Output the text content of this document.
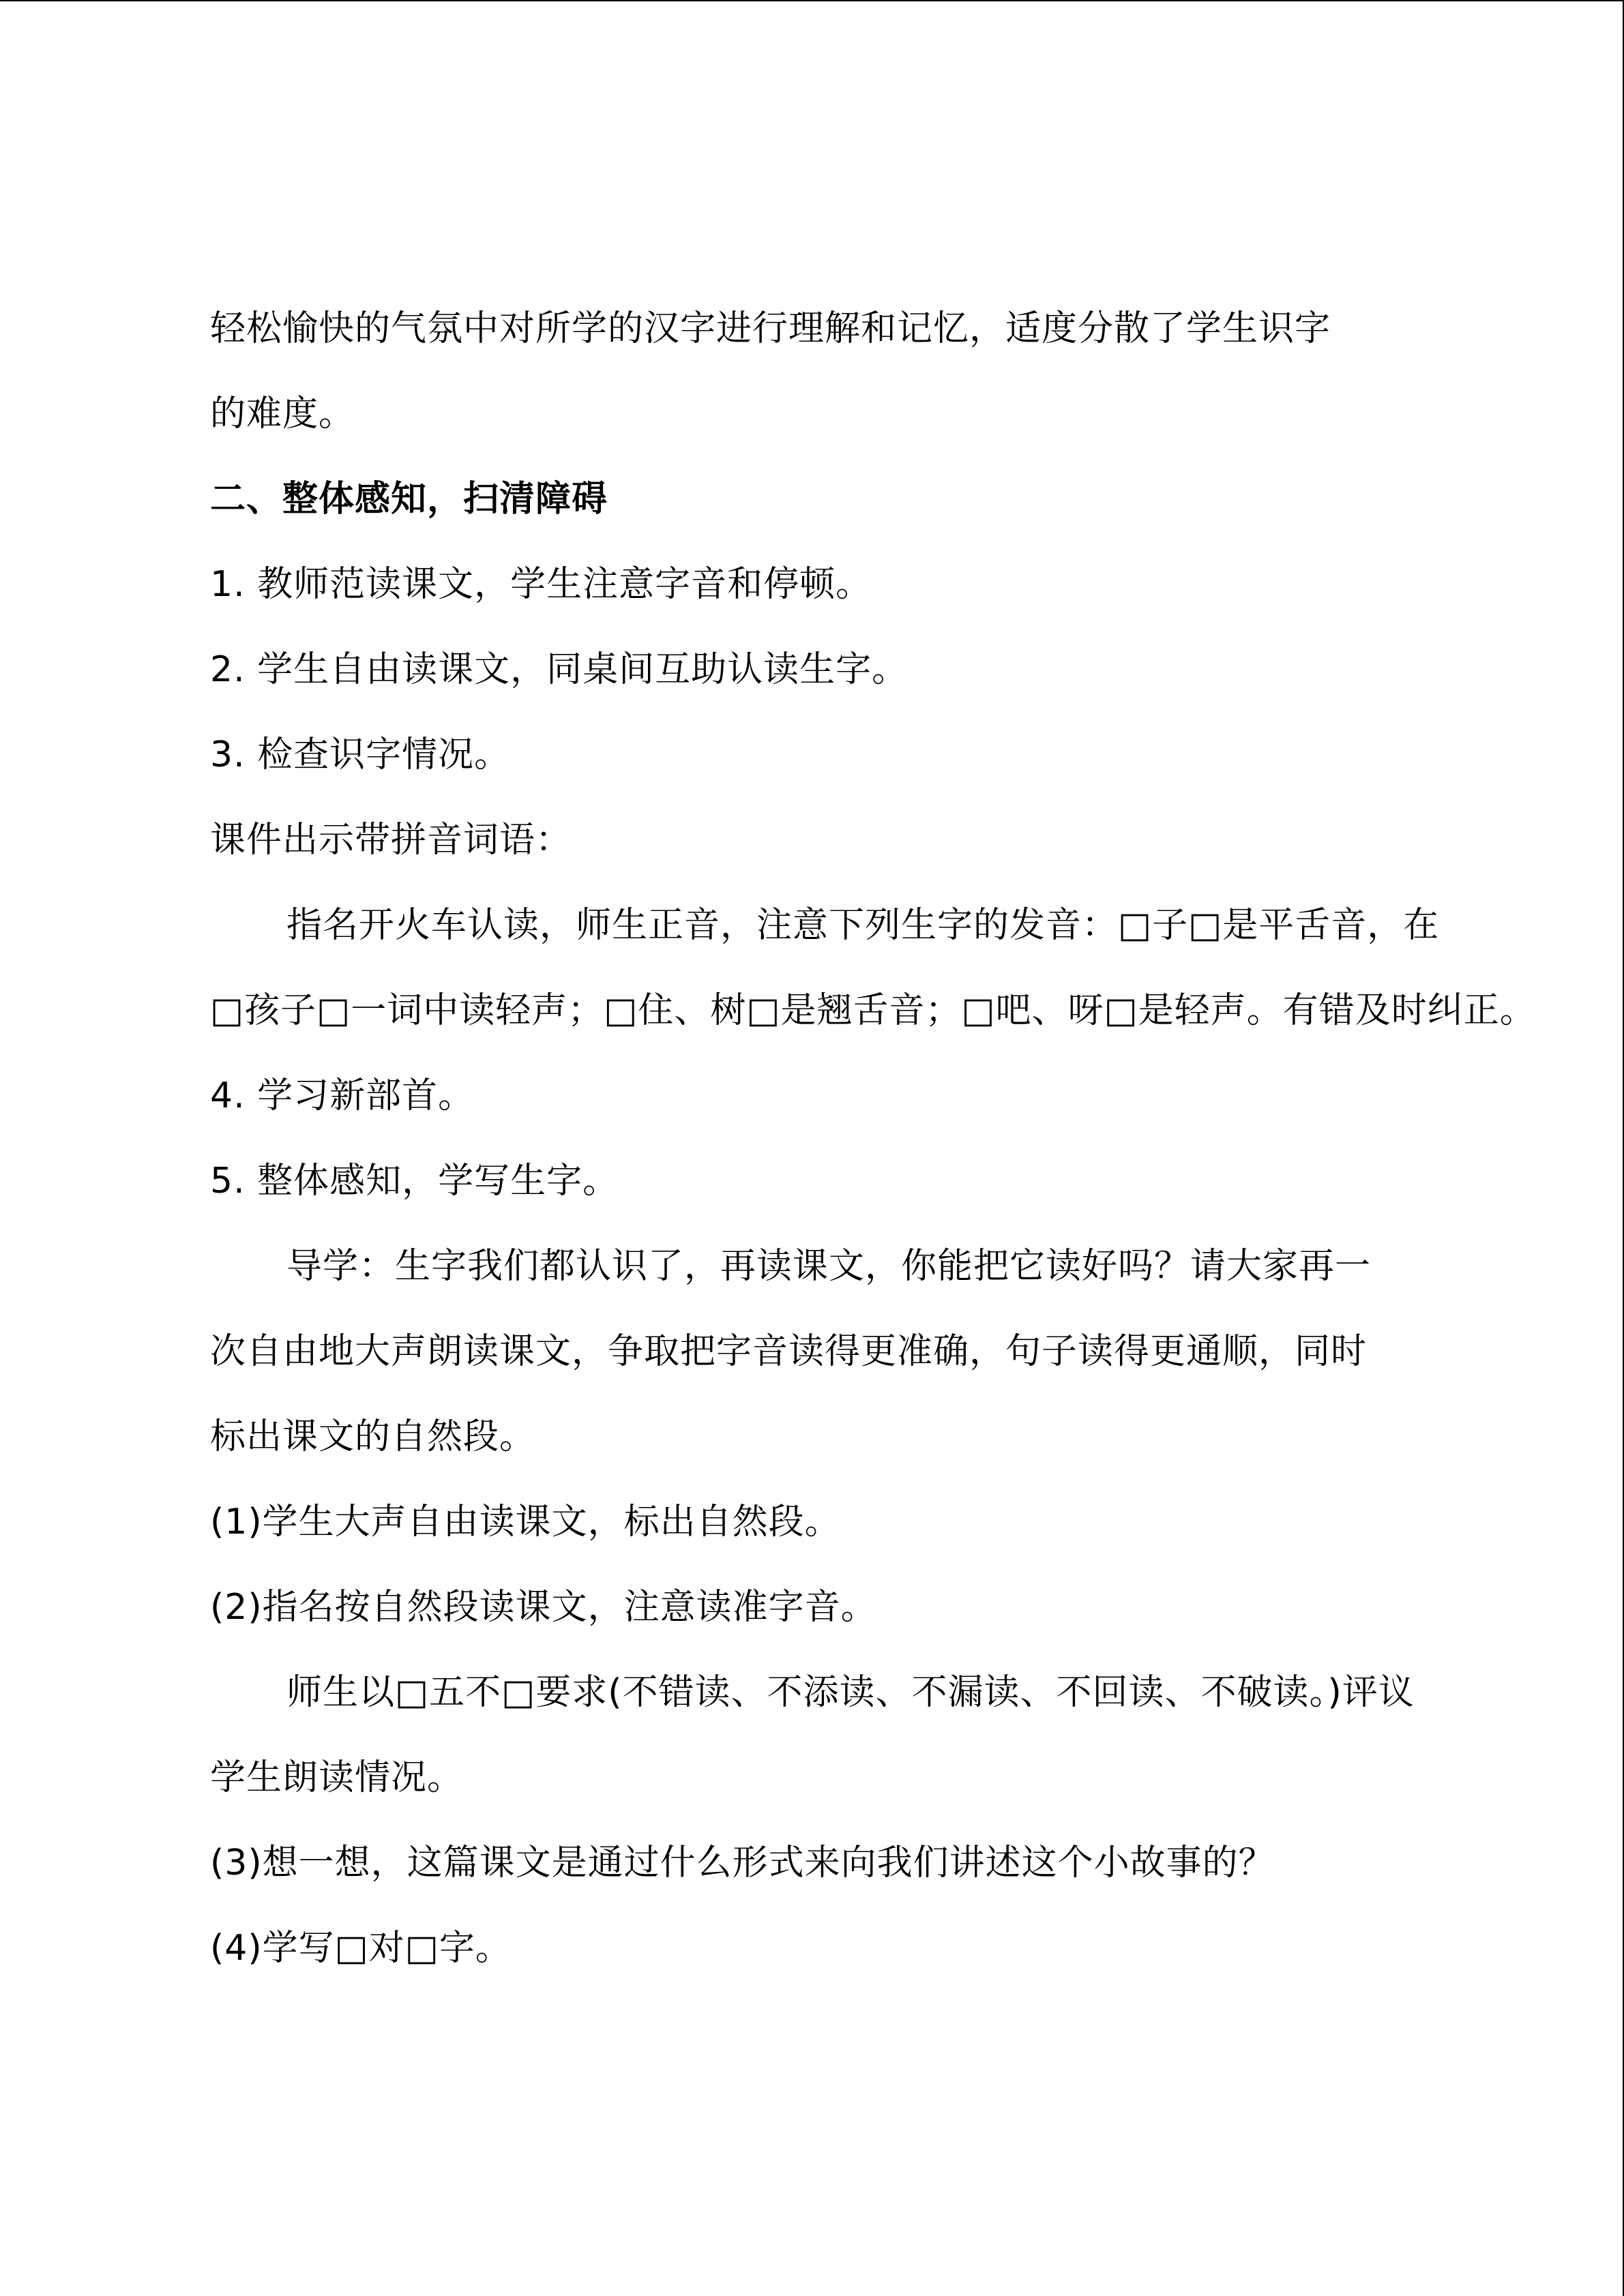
轻松愉快的气氛中对所学的汉字进行理解和记忆，适度分散了学生识字
的难度。
二、整体感知，扫清障碍
1. 教师范读课文，学生注意字音和停顿。
2. 学生自由读课文，同桌间互助认读生字。
3. 检查识字情况。
课件出示带拼音词语：
指名开火车认读，师生正音，注意下列生字的发音：□子□是平舌音，在
□孩子□一词中读轻声；□住、树□是翘舌音；□吧、呀□是轻声。有错及时纠正。
4. 学习新部首。
5. 整体感知，学写生字。
导学：生字我们都认识了，再读课文，你能把它读好吗？请大家再一
次自由地大声朗读课文，争取把字音读得更准确，句子读得更通顺，同时
标出课文的自然段。
(1)学生大声自由读课文，标出自然段。
(2)指名按自然段读课文，注意读准字音。
师生以□五不□要求(不错读、不添读、不漏读、不回读、不破读。)评议
学生朗读情况。
(3)想一想，这篇课文是通过什么形式来向我们讲述这个小故事的？
(4)学写□对□字。
